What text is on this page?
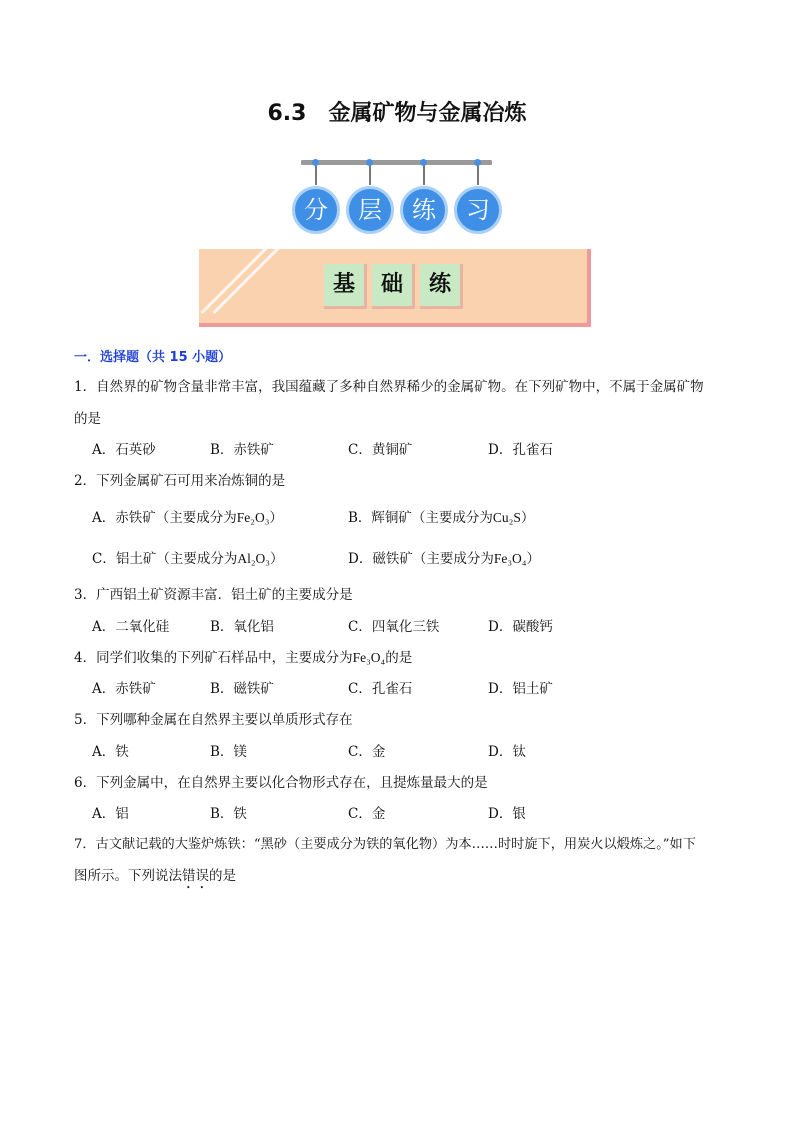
6.3 金属矿物与金属冶炼
分	层	练	习
基	础	练
一．选择题（共 15 小题）
1．自然界的矿物含量非常丰富，我国蕴藏了多种自然界稀少的金属矿物。在下列矿物中，不属于金属矿物
的是
A．石英砂	B．赤铁矿	C．黄铜矿	D．孔雀石
2．下列金属矿石可用来冶炼铜的是
A．赤铁矿（主要成分为Fe₂O₃）	B．辉铜矿（主要成分为Cu₂S）
C．铝土矿（主要成分为Al₂O₃）	D．磁铁矿（主要成分为Fe₃O₄）
3．广西铝土矿资源丰富．铝土矿的主要成分是
A．二氧化硅	B．氧化铝	C．四氧化三铁	D．碳酸钙
4．同学们收集的下列矿石样品中，主要成分为Fe₃O₄的是
A．赤铁矿	B．磁铁矿	C．孔雀石	D．铝土矿
5．下列哪种金属在自然界主要以单质形式存在
A．铁	B．镁	C．金	D．钛
6．下列金属中，在自然界主要以化合物形式存在，且提炼量最大的是
A．铝	B．铁	C．金	D．银
7．古文献记载的大鉴炉炼铁：“黑砂（主要成分为铁的氧化物）为本……时时旋下，用炭火以煅炼之。”如下
图所示。下列说法错误的是
